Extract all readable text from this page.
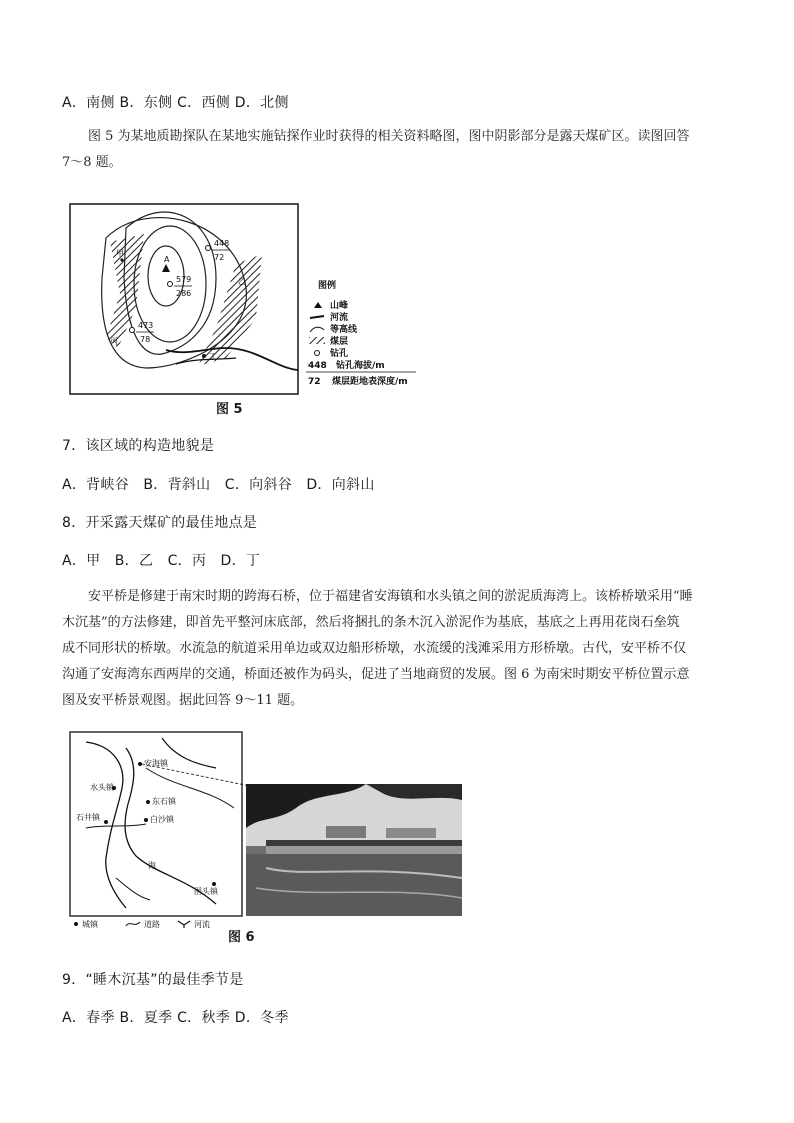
A．南侧 B．东侧 C．西侧 D．北侧
图 5 为某地质勘探队在某地实施钻探作业时获得的相关资料略图，图中阴影部分是露天煤矿区。读图回答
7～8 题。
A
448
72
579
286
473
78
甲
乙
丙
丁
图例
山峰
河流
等高线
煤层
钻孔
448
72
钻孔海拔/m
煤层距地表深度/m
图 5
7．该区域的构造地貌是
A．背峡谷　B．背斜山　C．向斜谷　D．向斜山
8．开采露天煤矿的最佳地点是
A．甲　B．乙　C．丙　D．丁
安平桥是修建于南宋时期的跨海石桥，位于福建省安海镇和水头镇之间的淤泥质海湾上。该桥桥墩采用“睡
木沉基”的方法修建，即首先平整河床底部，然后将捆扎的条木沉入淤泥作为基底，基底之上再用花岗石垒筑
成不同形状的桥墩。水流急的航道采用单边或双边船形桥墩，水流缓的浅滩采用方形桥墩。古代，安平桥不仅
沟通了安海湾东西两岸的交通，桥面还被作为码头，促进了当地商贸的发展。图 6 为南宋时期安平桥位置示意
图及安平桥景观图。据此回答 9～11 题。
安海镇
水头镇
东石镇
石井镇	白沙镇
围头镇
海
城镇	道路	河流
图 6
9．“睡木沉基”的最佳季节是
A．春季 B．夏季 C．秋季 D．冬季
